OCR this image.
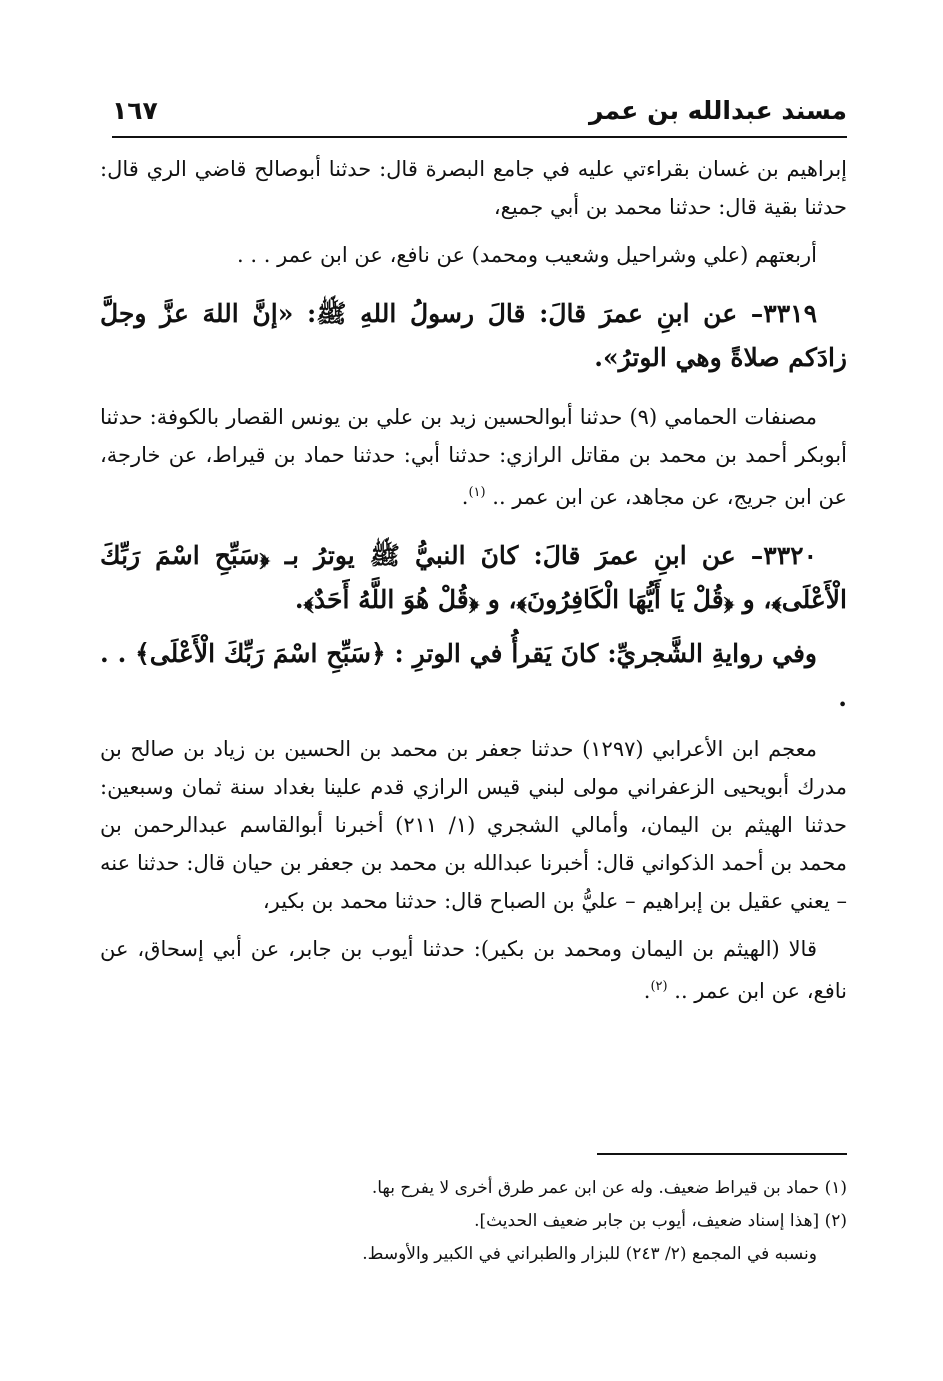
مسند عبدالله بن عمر
١٦٧

إبراهيم بن غسان بقراءتي عليه في جامع البصرة قال: حدثنا أبوصالح قاضي الري قال: حدثنا بقية قال: حدثنا محمد بن أبي جميع،

أربعتهم (علي وشراحيل وشعيب ومحمد) عن نافع، عن ابن عمر . . .

٣٣١٩– عن ابنِ عمرَ قالَ: قالَ رسولُ اللهِ ﷺ: «إنَّ اللهَ عزَّ وجلَّ زادَكم صلاةً وهي الوترُ».

مصنفات الحمامي (٩) حدثنا أبوالحسين زيد بن علي بن يونس القصار بالكوفة: حدثنا أبوبكر أحمد بن محمد بن مقاتل الرازي: حدثنا أبي: حدثنا حماد بن قيراط، عن خارجة، عن ابن جريج، عن مجاهد، عن ابن عمر .. $^{(١)}$.

٣٣٢٠– عن ابنِ عمرَ قالَ: كانَ النبيُّ ﷺ يوترُ بـ ﴿سَبِّحِ اسْمَ رَبِّكَ الْأَعْلَى﴾، و ﴿قُلْ يَا أَيُّهَا الْكَافِرُونَ﴾، و ﴿قُلْ هُوَ اللَّهُ أَحَدٌ﴾.

وفي روايةِ الشَّجريِّ: كانَ يَقرأُ في الوترِ : ﴿سَبِّحِ اسْمَ رَبِّكَ الْأَعْلَى﴾ . . .

معجم ابن الأعرابي (١٢٩٧) حدثنا جعفر بن محمد بن الحسين بن زياد بن صالح بن مدرك أبويحيى الزعفراني مولى لبني قيس الرازي قدم علينا بغداد سنة ثمان وسبعين: حدثنا الهيثم بن اليمان، وأمالي الشجري (١/ ٢١١) أخبرنا أبوالقاسم عبدالرحمن بن محمد بن أحمد الذكواني قال: أخبرنا عبدالله بن محمد بن جعفر بن حيان قال: حدثنا عنه – يعني عقيل بن إبراهيم – عليُّ بن الصباح قال: حدثنا محمد بن بكير،

قالا (الهيثم بن اليمان ومحمد بن بكير): حدثنا أيوب بن جابر، عن أبي إسحاق، عن نافع، عن ابن عمر .. $^{(٢)}$.

(١) حماد بن قيراط ضعيف. وله عن ابن عمر طرق أخرى لا يفرح بها.

(٢) [هذا إسناد ضعيف، أيوب بن جابر ضعيف الحديث].

ونسبه في المجمع (٢/ ٢٤٣) للبزار والطبراني في الكبير والأوسط.
